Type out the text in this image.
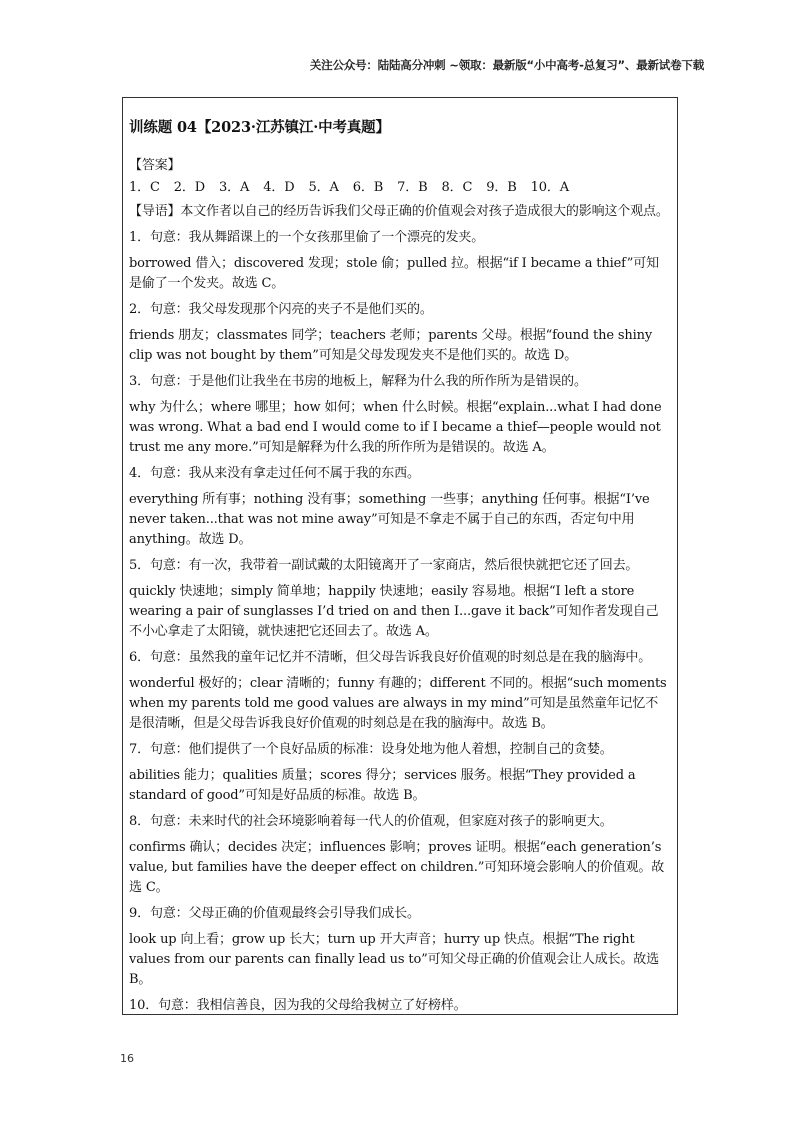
关注公众号：陆陆高分冲刺 ~领取：最新版“小中高考-总复习”、最新试卷下载
训练题 04【2023·江苏镇江·中考真题】
【答案】
1．C 2．D 3．A 4．D 5．A 6．B 7．B 8．C 9．B 10．A
【导语】本文作者以自己的经历告诉我们父母正确的价值观会对孩子造成很大的影响这个观点。
1．句意：我从舞蹈课上的一个女孩那里偷了一个漂亮的发夹。
borrowed 借入；discovered 发现；stole 偷；pulled 拉。根据“if I became a thief”可知是偷了一个发夹。故选 C。
2．句意：我父母发现那个闪亮的夹子不是他们买的。
friends 朋友；classmates 同学；teachers 老师；parents 父母。根据“found the shiny clip was not bought by them”可知是父母发现发夹不是他们买的。故选 D。
3．句意：于是他们让我坐在书房的地板上，解释为什么我的所作所为是错误的。
why 为什么；where 哪里；how 如何；when 什么时候。根据“explain...what I had done was wrong. What a bad end I would come to if I became a thief—people would not trust me any more.”可知是解释为什么我的所作所为是错误的。故选 A。
4．句意：我从来没有拿走过任何不属于我的东西。
everything 所有事；nothing 没有事；something 一些事；anything 任何事。根据“I’ve never taken...that was not mine away”可知是不拿走不属于自己的东西，否定句中用 anything。故选 D。
5．句意：有一次，我带着一副试戴的太阳镜离开了一家商店，然后很快就把它还了回去。
quickly 快速地；simply 简单地；happily 快速地；easily 容易地。根据“I left a store wearing a pair of sunglasses I’d tried on and then I...gave it back”可知作者发现自己不小心拿走了太阳镜，就快速把它还回去了。故选 A。
6．句意：虽然我的童年记忆并不清晰，但父母告诉我良好价值观的时刻总是在我的脑海中。
wonderful 极好的；clear 清晰的；funny 有趣的；different 不同的。根据“such moments when my parents told me good values are always in my mind”可知是虽然童年记忆不是很清晰，但是父母告诉我良好价值观的时刻总是在我的脑海中。故选 B。
7．句意：他们提供了一个良好品质的标准：设身处地为他人着想，控制自己的贪婪。
abilities 能力；qualities 质量；scores 得分；services 服务。根据“They provided a standard of good”可知是好品质的标准。故选 B。
8．句意：未来时代的社会环境影响着每一代人的价值观，但家庭对孩子的影响更大。
confirms 确认；decides 决定；influences 影响；proves 证明。根据“each generation’s value, but families have the deeper effect on children.”可知环境会影响人的价值观。故选 C。
9．句意：父母正确的价值观最终会引导我们成长。
look up 向上看；grow up 长大；turn up 开大声音；hurry up 快点。根据“The right values from our parents can finally lead us to”可知父母正确的价值观会让人成长。故选 B。
10．句意：我相信善良，因为我的父母给我树立了好榜样。
16
